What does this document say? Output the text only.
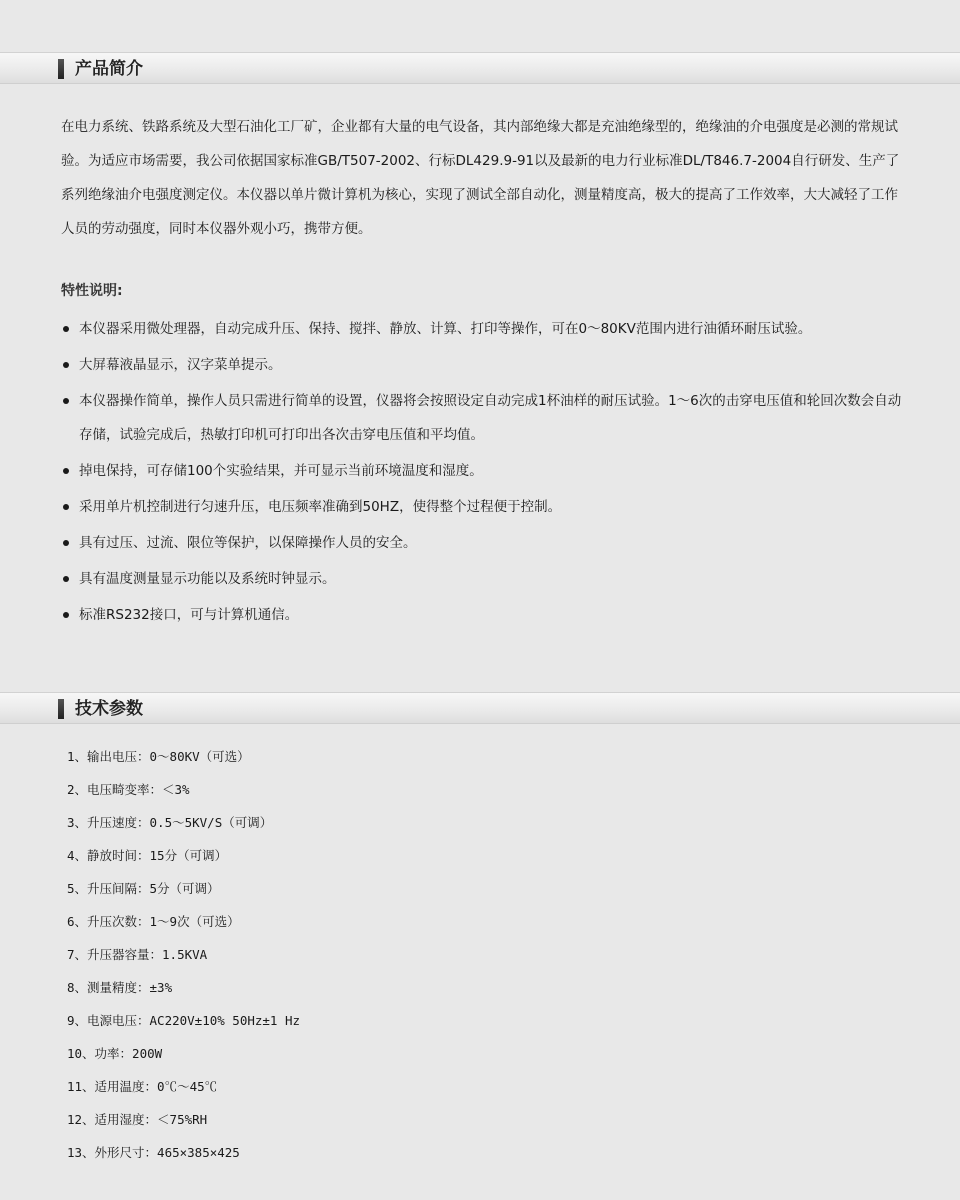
产品简介

在电力系统、铁路系统及大型石油化工厂矿，企业都有大量的电气设备，其内部绝缘大都是充油绝缘型的，绝缘油的介电强度是必测的常规试验。为适应市场需要，我公司依据国家标准GB/T507-2002、行标DL429.9-91以及最新的电力行业标准DL/T846.7-2004自行研发、生产了系列绝缘油介电强度测定仪。本仪器以单片微计算机为核心，实现了测试全部自动化，测量精度高，极大的提高了工作效率，大大减轻了工作人员的劳动强度，同时本仪器外观小巧，携带方便。

特性说明:
本仪器采用微处理器，自动完成升压、保持、搅拌、静放、计算、打印等操作，可在0～80KV范围内进行油循环耐压试验。
大屏幕液晶显示，汉字菜单提示。
本仪器操作简单，操作人员只需进行简单的设置，仪器将会按照设定自动完成1杯油样的耐压试验。1～6次的击穿电压值和轮回次数会自动存储，试验完成后，热敏打印机可打印出各次击穿电压值和平均值。
掉电保持，可存储100个实验结果，并可显示当前环境温度和湿度。
采用单片机控制进行匀速升压，电压频率准确到50HZ，使得整个过程便于控制。
具有过压、过流、限位等保护，以保障操作人员的安全。
具有温度测量显示功能以及系统时钟显示。
标准RS232接口，可与计算机通信。
技术参数
1、输出电压：0～80KV（可选）
2、电压畸变率：＜3%
3、升压速度：0.5～5KV/S（可调）
4、静放时间：15分（可调）
5、升压间隔：5分（可调）
6、升压次数：1～9次（可选）
7、升压器容量：1.5KVA
8、测量精度：±3%
9、电源电压：AC220V±10% 50Hz±1 Hz
10、功率：200W
11、适用温度：0℃～45℃
12、适用湿度：＜75%RH
13、外形尺寸：465×385×425
